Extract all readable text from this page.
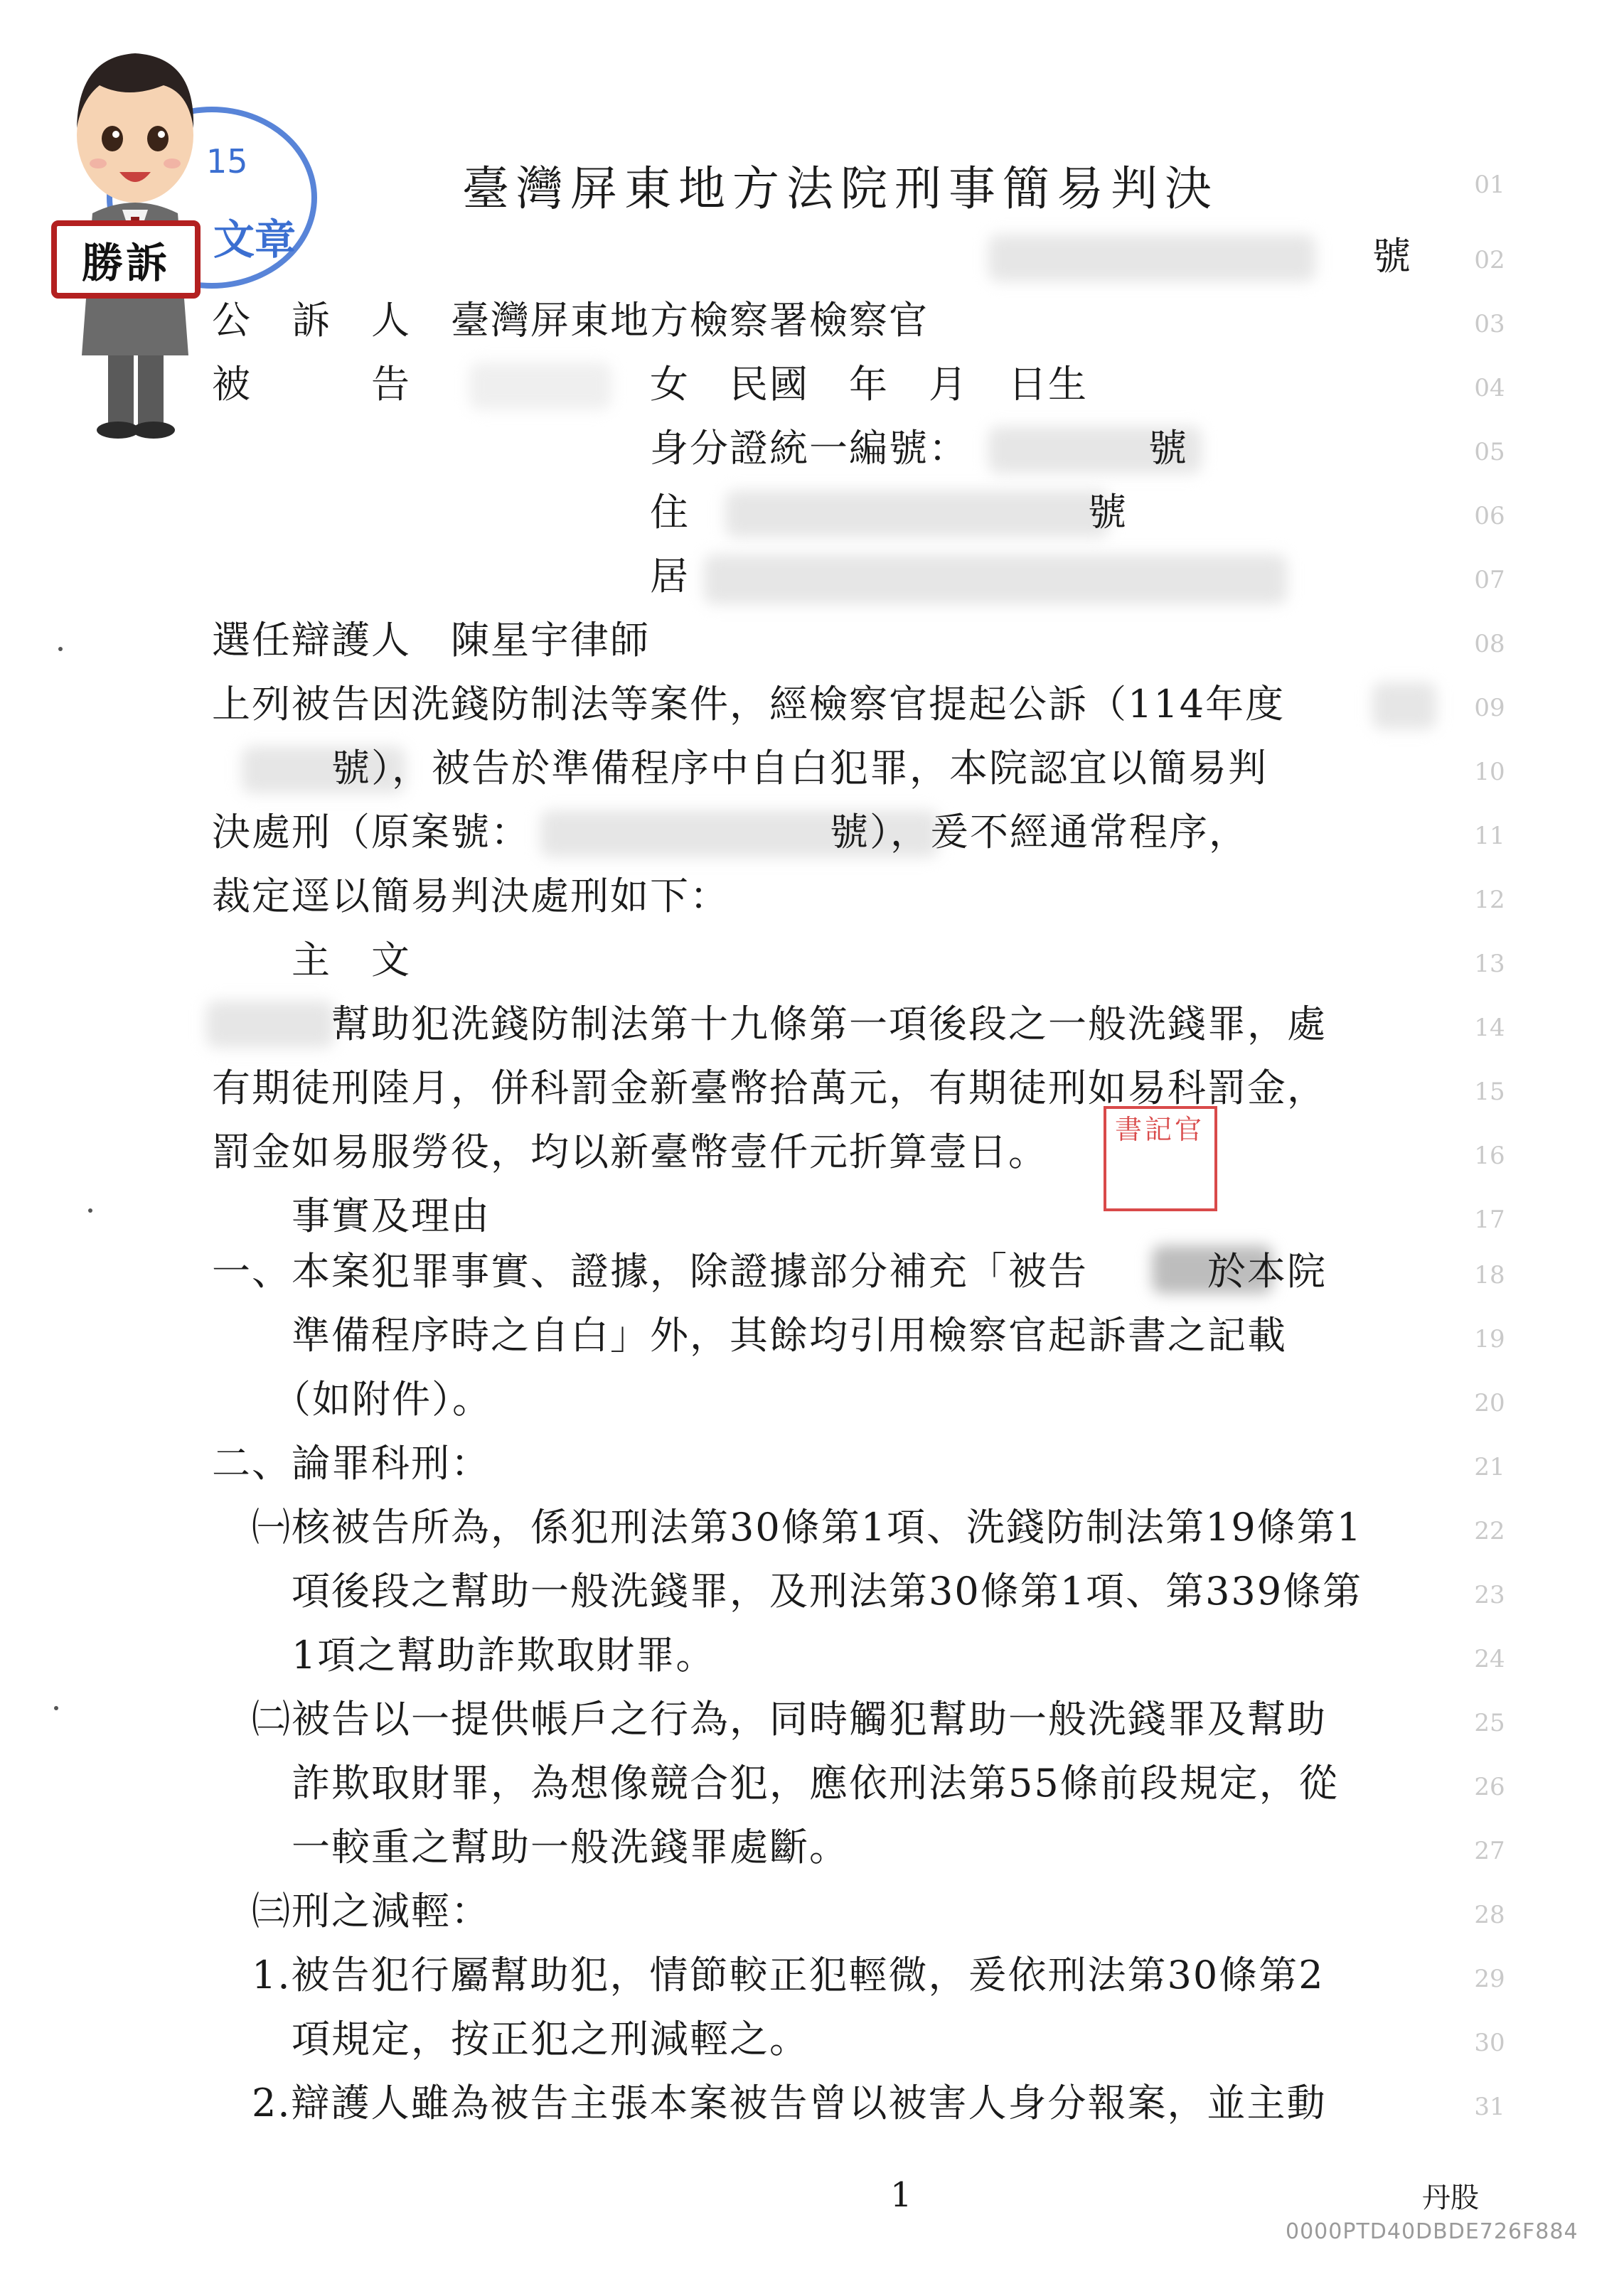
15
文章
勝訴
臺灣屏東地方法院刑事簡易判決
書記官
號
公　訴　人　臺灣屏東地方檢察署檢察官
被　　　告　　　　　　女　民國　年　月　日生
　　　　　　　　　　　身分證統一編號：　　　　　號
　　　　　　　　　　　住　　　　　　　　　　號
　　　　　　　　　　　居
選任辯護人　陳星宇律師
上列被告因洗錢防制法等案件，經檢察官提起公訴（114年度
　　　號），被告於準備程序中自白犯罪，本院認宜以簡易判
決處刑（原案號：　　　　　　　　號），爰不經通常程序，
裁定逕以簡易判決處刑如下：
　　主　文
　　　幫助犯洗錢防制法第十九條第一項後段之一般洗錢罪，處
有期徒刑陸月，併科罰金新臺幣拾萬元，有期徒刑如易科罰金，
罰金如易服勞役，均以新臺幣壹仟元折算壹日。
　　事實及理由
一、本案犯罪事實、證據，除證據部分補充「被告　　　於本院
　　準備程序時之自白」外，其餘均引用檢察官起訴書之記載
　　（如附件）。
二、論罪科刑：
　㈠核被告所為，係犯刑法第30條第1項、洗錢防制法第19條第1
　　項後段之幫助一般洗錢罪，及刑法第30條第1項、第339條第
　　1項之幫助詐欺取財罪。
　㈡被告以一提供帳戶之行為，同時觸犯幫助一般洗錢罪及幫助
　　詐欺取財罪，為想像競合犯，應依刑法第55條前段規定，從
　　一較重之幫助一般洗錢罪處斷。
　㈢刑之減輕：
　1.被告犯行屬幫助犯，情節較正犯輕微，爰依刑法第30條第2
　　項規定，按正犯之刑減輕之。
　2.辯護人雖為被告主張本案被告曾以被害人身分報案，並主動
01
02
03
04
05
06
07
08
09
10
11
12
13
14
15
16
17
18
19
20
21
22
23
24
25
26
27
28
29
30
31
1	丹股
0000PTD40DBDE726F884
